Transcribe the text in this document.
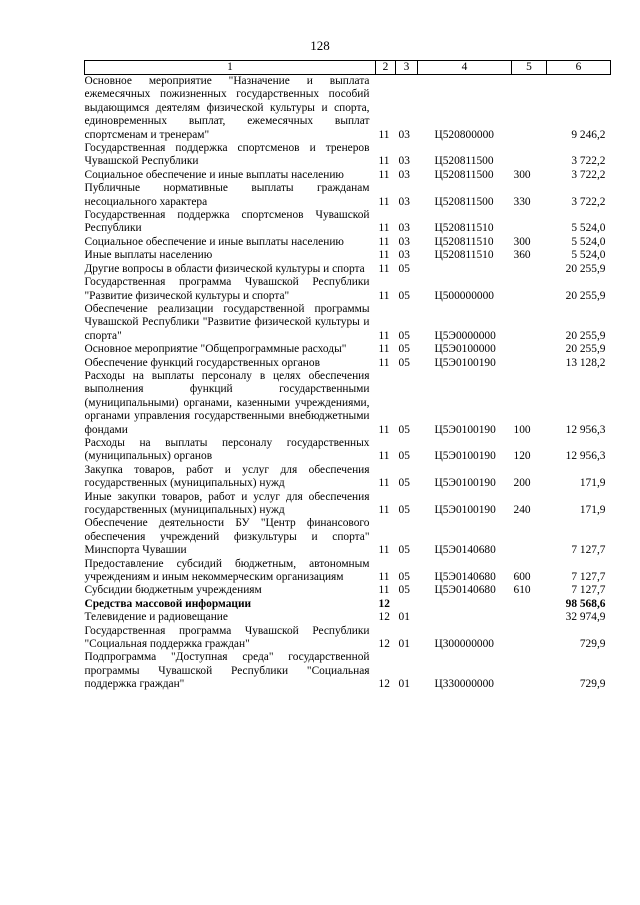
128
1	2	3	4	5	6
Основное мероприятие "Назначение и выплата ежемесячных пожизненных государственных пособий выдающимся деятелям физической культуры и спорта, единовременных выплат, ежемесячных выплат спортсменам и тренерам"	11	03	Ц520800000		9 246,2
Государственная поддержка спортсменов и тренеров Чувашской Республики	11	03	Ц520811500		3 722,2
Социальное обеспечение и иные выплаты населению	11	03	Ц520811500	300	3 722,2
Публичные нормативные выплаты гражданам несоциального характера	11	03	Ц520811500	330	3 722,2
Государственная поддержка спортсменов Чувашской Республики	11	03	Ц520811510		5 524,0
Социальное обеспечение и иные выплаты населению	11	03	Ц520811510	300	5 524,0
Иные выплаты населению	11	03	Ц520811510	360	5 524,0
Другие вопросы в области физической культуры и спорта	11	05			20 255,9
Государственная программа Чувашской Республики "Развитие физической культуры и спорта"	11	05	Ц500000000		20 255,9
Обеспечение реализации государственной программы Чувашской Республики "Развитие физической культуры и спорта"	11	05	Ц5Э0000000		20 255,9
Основное мероприятие "Общепрограммные расходы"	11	05	Ц5Э0100000		20 255,9
Обеспечение функций государственных органов	11	05	Ц5Э0100190		13 128,2
Расходы на выплаты персоналу в целях обеспечения выполнения функций государственными (муниципальными) органами, казенными учреждениями, органами управления государственными внебюджетными фондами	11	05	Ц5Э0100190	100	12 956,3
Расходы на выплаты персоналу государственных (муниципальных) органов	11	05	Ц5Э0100190	120	12 956,3
Закупка товаров, работ и услуг для обеспечения государственных (муниципальных) нужд	11	05	Ц5Э0100190	200	171,9
Иные закупки товаров, работ и услуг для обеспечения государственных (муниципальных) нужд	11	05	Ц5Э0100190	240	171,9
Обеспечение деятельности БУ "Центр финансового обеспечения учреждений физкультуры и спорта" Минспорта Чувашии	11	05	Ц5Э0140680		7 127,7
Предоставление субсидий бюджетным, автономным учреждениям и иным некоммерческим организациям	11	05	Ц5Э0140680	600	7 127,7
Субсидии бюджетным учреждениям	11	05	Ц5Э0140680	610	7 127,7
Средства массовой информации	12				98 568,6
Телевидение и радиовещание	12	01			32 974,9
Государственная программа Чувашской Республики "Социальная поддержка граждан"	12	01	Ц300000000		729,9
Подпрограмма "Доступная среда" государственной программы Чувашской Республики "Социальная поддержка граждан"	12	01	Ц330000000		729,9
